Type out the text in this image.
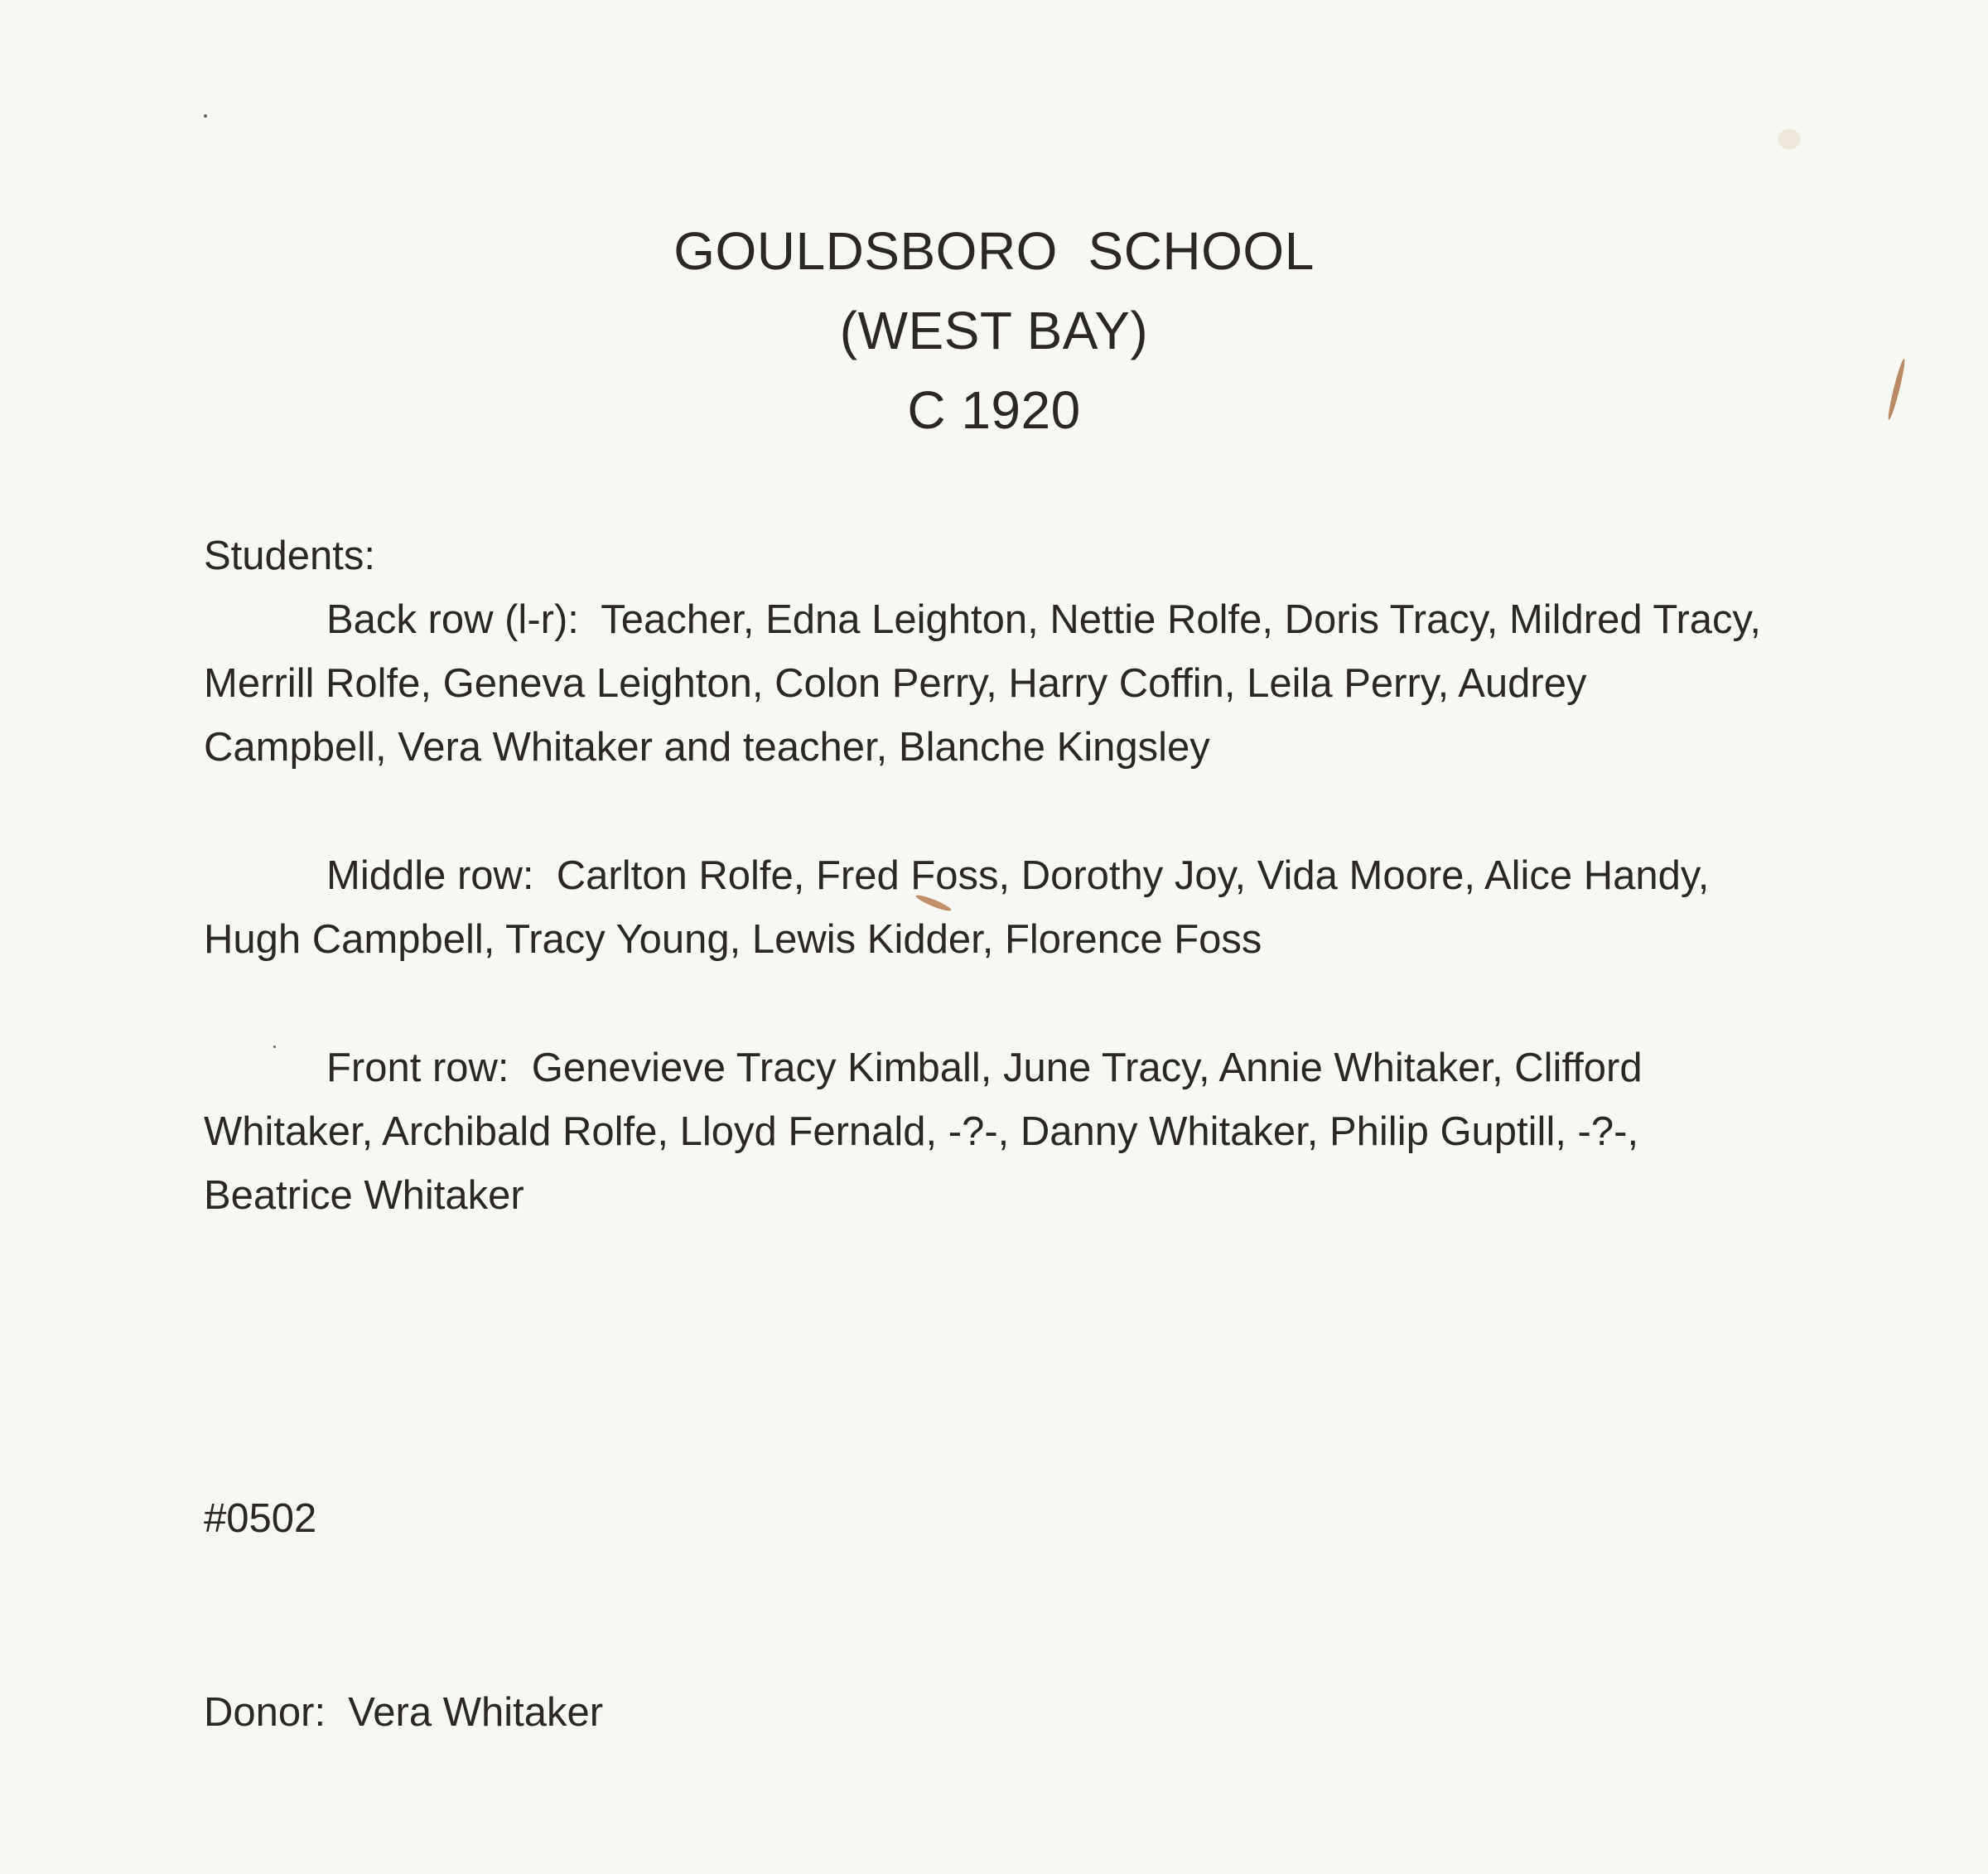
GOULDSBORO  SCHOOL
(WEST BAY)
C 1920
Students:

Back row (l-r):  Teacher, Edna Leighton, Nettie Rolfe, Doris Tracy, Mildred Tracy, Merrill Rolfe, Geneva Leighton, Colon Perry, Harry Coffin, Leila Perry, Audrey Campbell, Vera Whitaker and teacher, Blanche Kingsley

Middle row:  Carlton Rolfe, Fred Foss, Dorothy Joy, Vida Moore, Alice Handy, Hugh Campbell, Tracy Young, Lewis Kidder, Florence Foss

Front row:  Genevieve Tracy Kimball, June Tracy, Annie Whitaker, Clifford Whitaker, Archibald Rolfe, Lloyd Fernald, -?-, Danny Whitaker, Philip Guptill, -?-, Beatrice Whitaker

#0502

Donor:  Vera Whitaker
